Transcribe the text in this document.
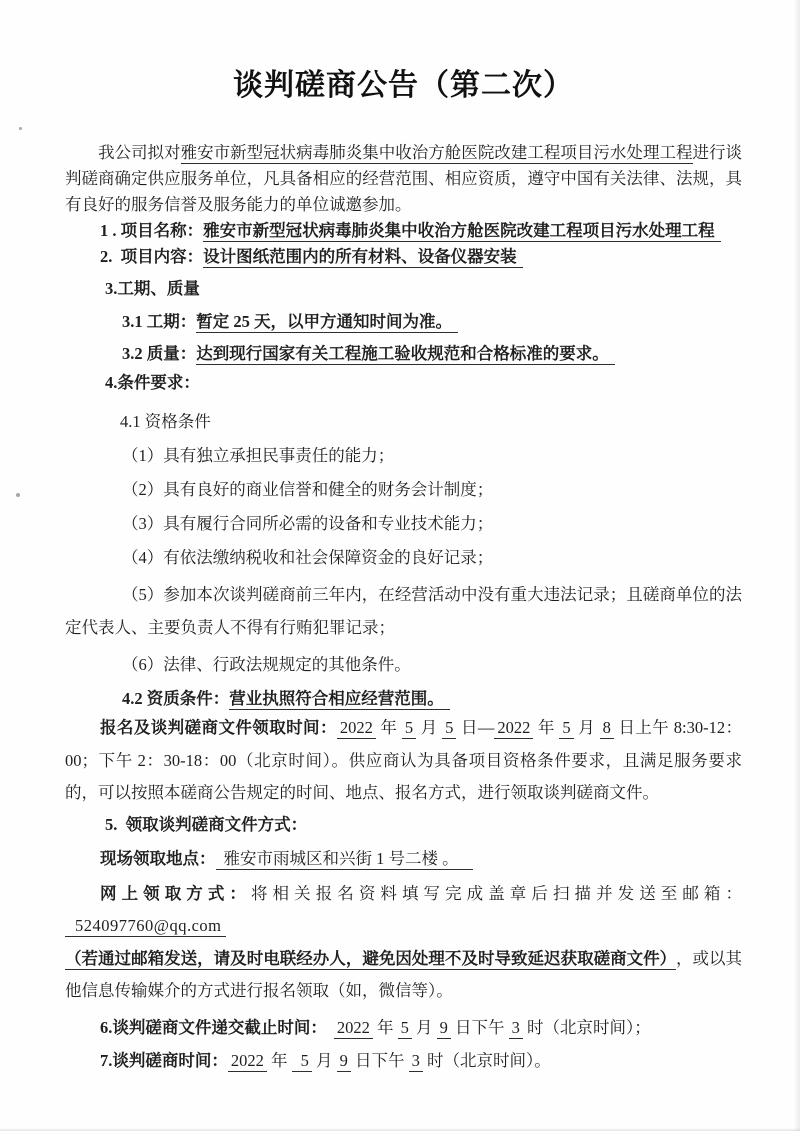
谈判磋商公告（第二次）

我公司拟对雅安市新型冠状病毒肺炎集中收治方舱医院改建工程项目污水处理工程进行谈判磋商确定供应服务单位，凡具备相应的经营范围、相应资质，遵守中国有关法律、法规，具有良好的服务信誉及服务能力的单位诚邀参加。

1 . 项目名称：雅安市新型冠状病毒肺炎集中收治方舱医院改建工程项目污水处理工程

2.  项目内容：设计图纸范围内的所有材料、设备仪器安装

3.工期、质量

3.1 工期：暂定 25 天，以甲方通知时间为准。

3.2 质量：达到现行国家有关工程施工验收规范和合格标准的要求。

4.条件要求：

4.1 资格条件

（1）具有独立承担民事责任的能力；

（2）具有良好的商业信誉和健全的财务会计制度；

（3）具有履行合同所必需的设备和专业技术能力；

（4）有依法缴纳税收和社会保障资金的良好记录；

（5）参加本次谈判磋商前三年内，在经营活动中没有重大违法记录；且磋商单位的法定代表人、主要负责人不得有行贿犯罪记录；

（6）法律、行政法规规定的其他条件。

4.2 资质条件：营业执照符合相应经营范围。

报名及谈判磋商文件领取时间： 2022 年 5 月 5 日— 2022 年 5 月 8 日上午 8:30-12：00；下午 2：30-18：00（北京时间）。供应商认为具备项目资格条件要求，且满足服务要求的，可以按照本磋商公告规定的时间、地点、报名方式，进行领取谈判磋商文件。

5.  领取谈判磋商文件方式：

现场领取地点： 雅安市雨城区和兴街 1 号二楼 。

网上领取方式：将相关报名资料填写完成盖章后扫描并发送至邮箱：524097760@qq.com
（若通过邮箱发送，请及时电联经办人，避免因处理不及时导致延迟获取磋商文件） ，或以其他信息传输媒介的方式进行报名领取（如，微信等）。

6.谈判磋商文件递交截止时间： 2022 年 5 月 9 日下午 3 时（北京时间）；

7.谈判磋商时间： 2022 年 5 月 9 日下午 3 时（北京时间）。
